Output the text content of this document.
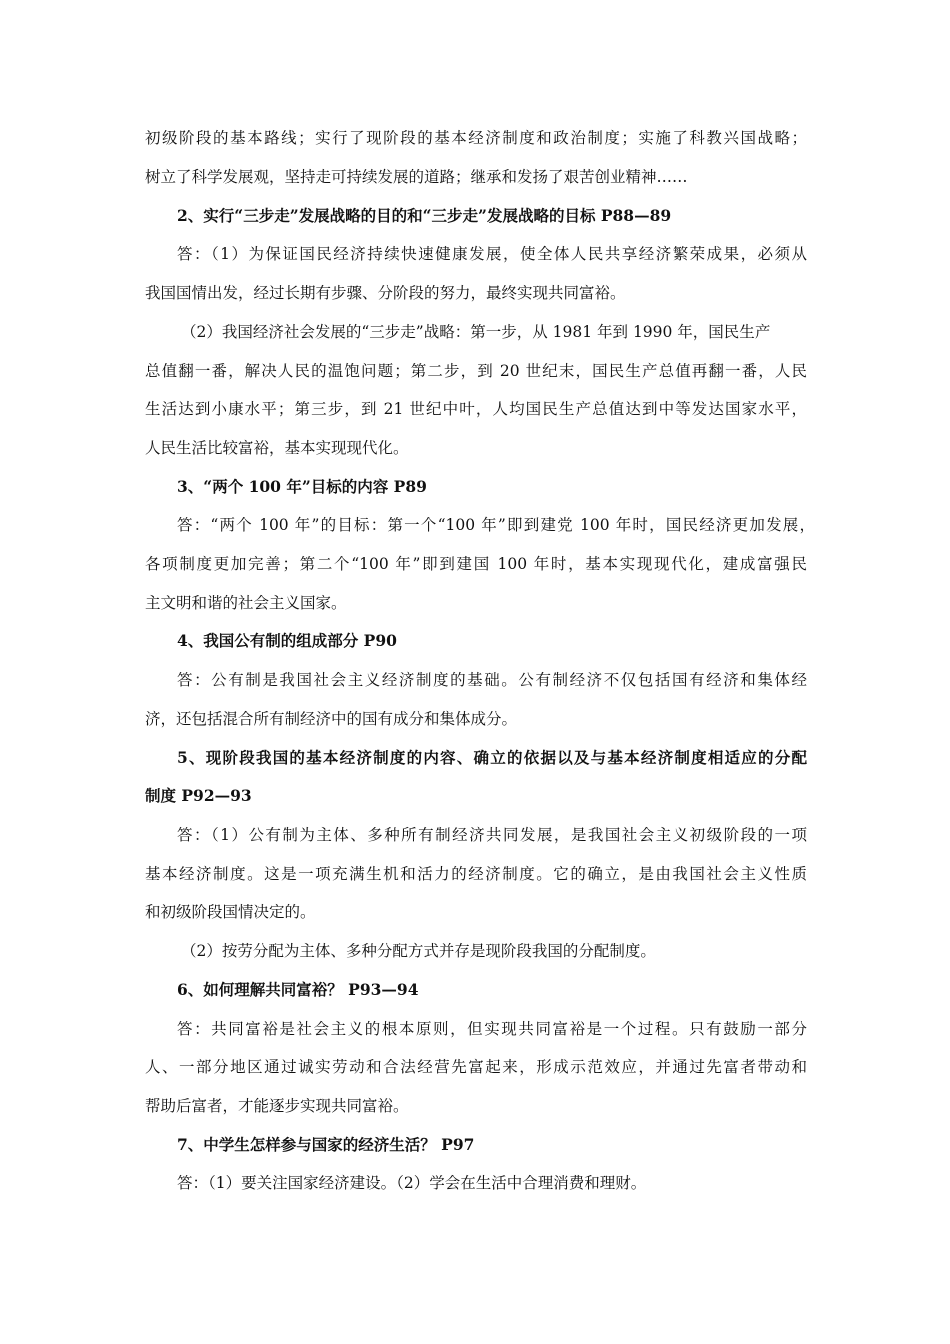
初级阶段的基本路线；实行了现阶段的基本经济制度和政治制度；实施了科教兴国战略；
树立了科学发展观，坚持走可持续发展的道路；继承和发扬了艰苦创业精神……
2、实行“三步走”发展战略的目的和“三步走”发展战略的目标 P88—89
答：（1）为保证国民经济持续快速健康发展，使全体人民共享经济繁荣成果，必须从
我国国情出发，经过长期有步骤、分阶段的努力，最终实现共同富裕。
（2）我国经济社会发展的“三步走”战略：第一步，从 1981 年到 1990 年，国民生产
总值翻一番，解决人民的温饱问题；第二步，到 20 世纪末，国民生产总值再翻一番，人民
生活达到小康水平；第三步，到 21 世纪中叶，人均国民生产总值达到中等发达国家水平，
人民生活比较富裕，基本实现现代化。
3、“两个 100 年”目标的内容 P89
答：“两个 100 年”的目标：第一个“100 年”即到建党 100 年时，国民经济更加发展，
各项制度更加完善；第二个“100 年”即到建国 100 年时，基本实现现代化，建成富强民
主文明和谐的社会主义国家。
4、我国公有制的组成部分 P90
答：公有制是我国社会主义经济制度的基础。公有制经济不仅包括国有经济和集体经
济，还包括混合所有制经济中的国有成分和集体成分。
5、现阶段我国的基本经济制度的内容、确立的依据以及与基本经济制度相适应的分配
制度 P92—93
答：（1）公有制为主体、多种所有制经济共同发展，是我国社会主义初级阶段的一项
基本经济制度。这是一项充满生机和活力的经济制度。它的确立，是由我国社会主义性质
和初级阶段国情决定的。
（2）按劳分配为主体、多种分配方式并存是现阶段我国的分配制度。
6、如何理解共同富裕？ P93—94
答：共同富裕是社会主义的根本原则，但实现共同富裕是一个过程。只有鼓励一部分
人、一部分地区通过诚实劳动和合法经营先富起来，形成示范效应，并通过先富者带动和
帮助后富者，才能逐步实现共同富裕。
7、中学生怎样参与国家的经济生活？ P97
答：（1）要关注国家经济建设。（2）学会在生活中合理消费和理财。
